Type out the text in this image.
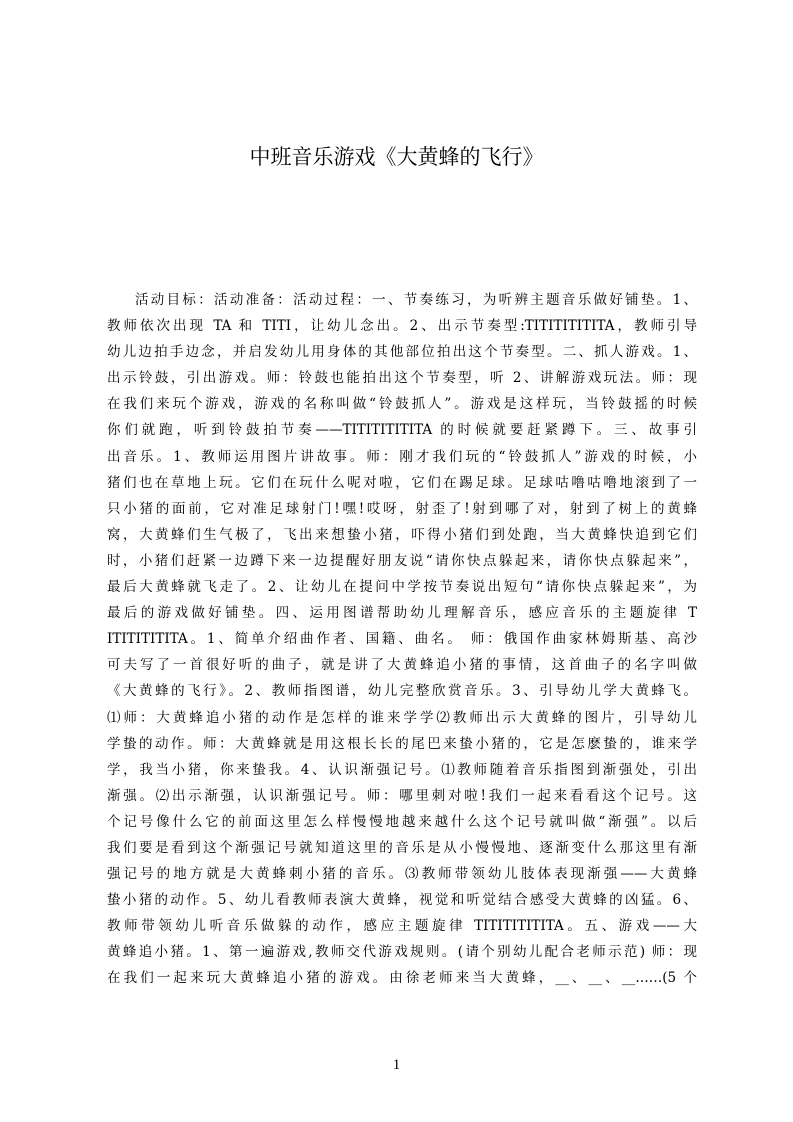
中班音乐游戏《大黄蜂的飞行》
活动目标：活动准备：活动过程：一、节奏练习，为听辨主题音乐做好铺垫。1、
教师依次出现 TA 和 TITI，让幼儿念出。2、出示节奏型:TITITITITITA，教师引导
幼儿边拍手边念，并启发幼儿用身体的其他部位拍出这个节奏型。二、抓人游戏。1、
出示铃鼓，引出游戏。师：铃鼓也能拍出这个节奏型，听 2、讲解游戏玩法。师：现
在我们来玩个游戏，游戏的名称叫做“铃鼓抓人”。游戏是这样玩，当铃鼓摇的时候
你们就跑，听到铃鼓拍节奏——TITITITITITA 的时候就要赶紧蹲下。三、故事引
出音乐。1、教师运用图片讲故事。师：刚才我们玩的“铃鼓抓人”游戏的时候，小
猪们也在草地上玩。它们在玩什么呢对啦，它们在踢足球。足球咕噜咕噜地滚到了一
只小猪的面前，它对准足球射门!嘿!哎呀，射歪了!射到哪了对，射到了树上的黄蜂
窝，大黄蜂们生气极了，飞出来想蛰小猪，吓得小猪们到处跑，当大黄蜂快追到它们
时，小猪们赶紧一边蹲下来一边提醒好朋友说“请你快点躲起来，请你快点躲起来”，
最后大黄蜂就飞走了。2、让幼儿在提问中学按节奏说出短句“请你快点躲起来”，为
最后的游戏做好铺垫。四、运用图谱帮助幼儿理解音乐，感应音乐的主题旋律 T
ITITITITITA。1、简单介绍曲作者、国籍、曲名。 师：俄国作曲家林姆斯基、高沙
可夫写了一首很好听的曲子，就是讲了大黄蜂追小猪的事情，这首曲子的名字叫做
《大黄蜂的飞行》。2、教师指图谱，幼儿完整欣赏音乐。3、引导幼儿学大黄蜂飞。
⑴师：大黄蜂追小猪的动作是怎样的谁来学学⑵教师出示大黄蜂的图片，引导幼儿
学蛰的动作。师：大黄蜂就是用这根长长的尾巴来蛰小猪的，它是怎麽蛰的，谁来学
学，我当小猪，你来蛰我。4、认识渐强记号。⑴教师随着音乐指图到渐强处，引出
渐强。⑵出示渐强，认识渐强记号。师：哪里刺对啦!我们一起来看看这个记号。这
个记号像什么它的前面这里怎么样慢慢地越来越什么这个记号就叫做“渐强”。以后
我们要是看到这个渐强记号就知道这里的音乐是从小慢慢地、逐渐变什么那这里有渐
强记号的地方就是大黄蜂刺小猪的音乐。⑶教师带领幼儿肢体表现渐强——大黄蜂
蛰小猪的动作。5、幼儿看教师表演大黄蜂，视觉和听觉结合感受大黄蜂的凶猛。6、
教师带领幼儿听音乐做躲的动作，感应主题旋律 TITITITITITA。五、游戏——大
黄蜂追小猪。1、第一遍游戏,教师交代游戏规则。(请个别幼儿配合老师示范) 师：现
在我们一起来玩大黄蜂追小猪的游戏。由徐老师来当大黄蜂，__、__、__……(5 个
1
